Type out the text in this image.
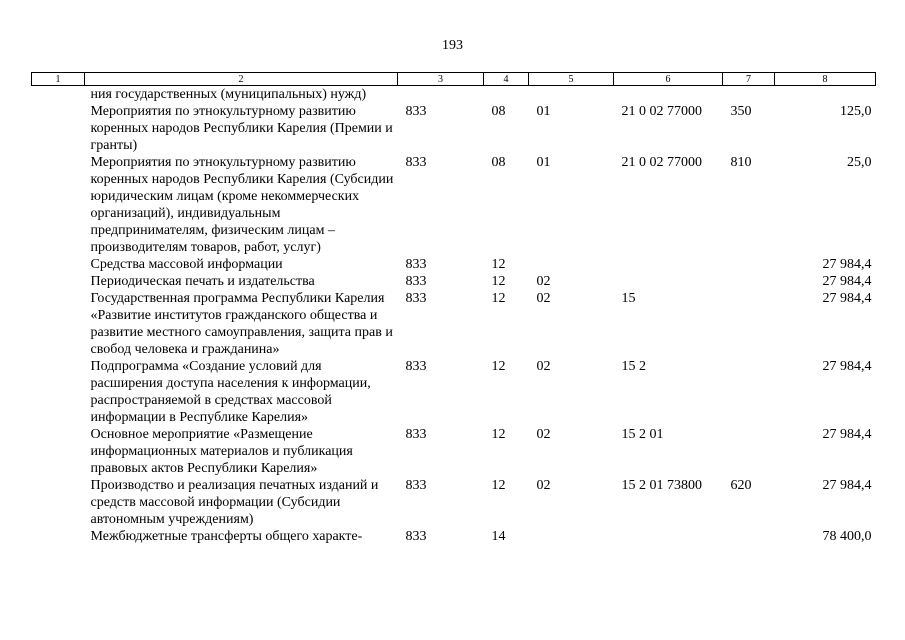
193
1	2	3	4	5	6	7	8
	ния государственных (муниципальных) нужд)						
	Мероприятия по этнокультурному развитию коренных народов Республики Карелия (Премии и гранты)	833	08	01	21 0 02 77000	350	125,0
	Мероприятия по этнокультурному развитию коренных народов Республики Карелия (Субсидии юридическим лицам (кроме некоммерческих организаций), индивидуальным предпринимателям, физическим лицам – производителям товаров, работ, услуг)	833	08	01	21 0 02 77000	810	25,0
	Средства массовой информации	833	12				27 984,4
	Периодическая печать и издательства	833	12	02			27 984,4
	Государственная программа Республики Карелия «Развитие институтов гражданского общества и развитие местного самоуправления, защита прав и свобод человека и гражданина»	833	12	02	15		27 984,4
	Подпрограмма «Создание условий для расширения доступа населения к информации, распространяемой в средствах массовой информации в Республике Карелия»	833	12	02	15 2		27 984,4
	Основное мероприятие «Размещение информационных материалов и публикация правовых актов Республики Карелия»	833	12	02	15 2 01		27 984,4
	Производство и реализация печатных изданий и средств массовой информации (Субсидии автономным учреждениям)	833	12	02	15 2 01 73800	620	27 984,4
	Межбюджетные трансферты общего характе-	833	14				78 400,0
